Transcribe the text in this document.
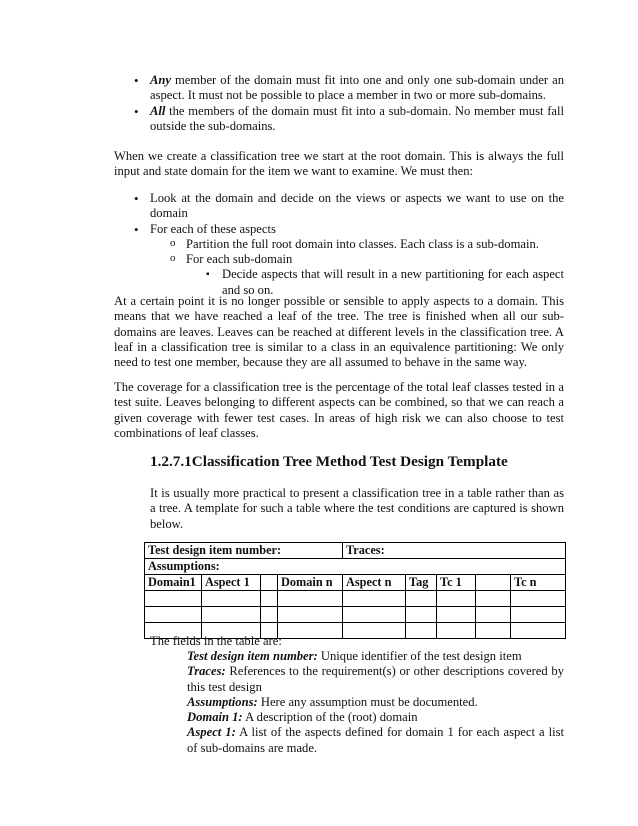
• Any member of the domain must fit into one and only one sub-domain under an aspect. It must not be possible to place a member in two or more sub-domains.
• All the members of the domain must fit into a sub-domain. No member must fall outside the sub-domains.

When we create a classification tree we start at the root domain. This is always the full input and state domain for the item we want to examine. We must then:

• Look at the domain and decide on the views or aspects we want to use on the domain
• For each of these aspects
o Partition the full root domain into classes. Each class is a sub-domain.
o For each sub-domain
▪ Decide aspects that will result in a new partitioning for each aspect and so on.

At a certain point it is no longer possible or sensible to apply aspects to a domain. This means that we have reached a leaf of the tree. The tree is finished when all our sub-domains are leaves. Leaves can be reached at different levels in the classification tree. A leaf in a classification tree is similar to a class in an equivalence partitioning: We only need to test one member, because they are all assumed to behave in the same way.

The coverage for a classification tree is the percentage of the total leaf classes tested in a test suite. Leaves belonging to different aspects can be combined, so that we can reach a given coverage with fewer test cases. In areas of high risk we can also choose to test combinations of leaf classes.

1.2.7.1Classification Tree Method Test Design Template

It is usually more practical to present a classification tree in a table rather than as a tree. A template for such a table where the test conditions are captured is shown below.

Test design item number:				Traces:				
Assumptions:								
Domain1	Aspect 1		Domain n	Aspect n	Tag	Tc 1		Tc n

The fields in the table are:
Test design item number: Unique identifier of the test design item
Traces: References to the requirement(s) or other descriptions covered by this test design
Assumptions: Here any assumption must be documented.
Domain 1: A description of the (root) domain
Aspect 1: A list of the aspects defined for domain 1 for each aspect a list of sub-domains are made.
